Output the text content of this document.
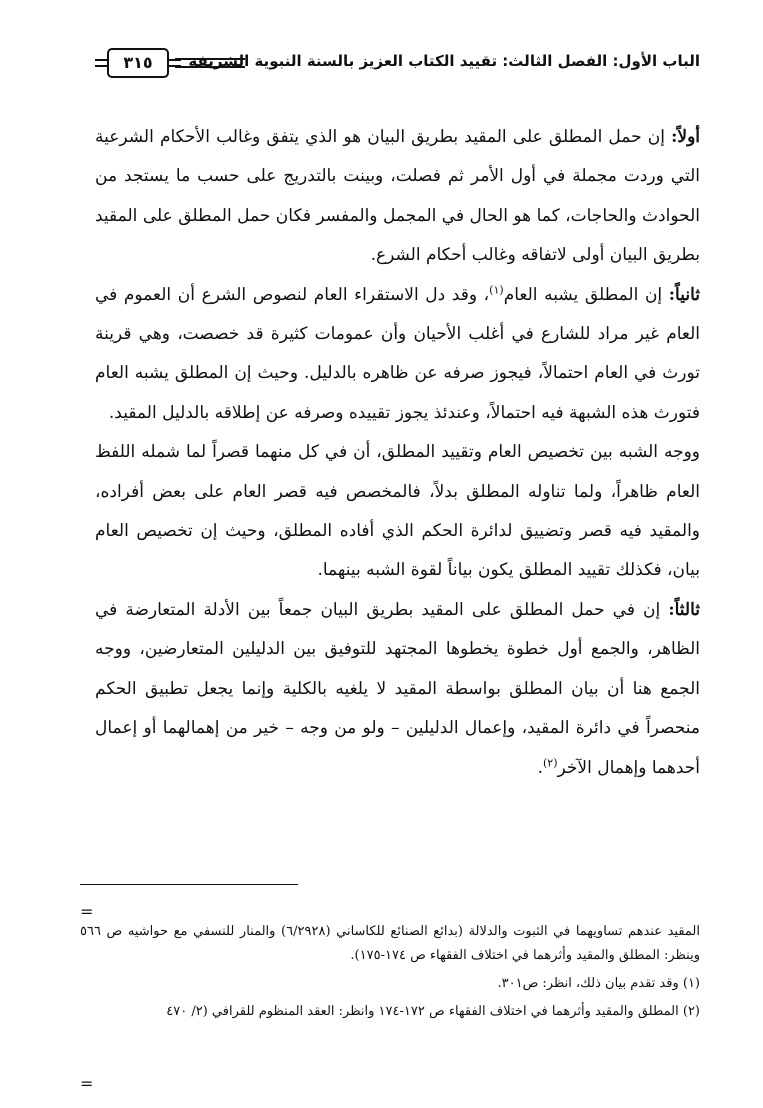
الباب الأول: الفصل الثالث: تقييد الكتاب العزيز بالسنة النبوية الشريفة
٣١٥

أولاً: إن حمل المطلق على المقيد بطريق البيان هو الذي يتفق وغالب الأحكام الشرعية التي وردت مجملة في أول الأمر ثم فصلت، وبينت بالتدريج على حسب ما يستجد من الحوادث والحاجات، كما هو الحال في المجمل والمفسر فكان حمل المطلق على المقيد بطريق البيان أولى لاتفاقه وغالب أحكام الشرع.

ثانياً: إن المطلق يشبه العام$^{(١)}$، وقد دل الاستقراء العام لنصوص الشرع أن العموم في العام غير مراد للشارع في أغلب الأحيان وأن عمومات كثيرة قد خصصت، وهي قرينة تورث في العام احتمالاً، فيجوز صرفه عن ظاهره بالدليل. وحيث إن المطلق يشبه العام فتورث هذه الشبهة فيه احتمالاً، وعندئذ يجوز تقييده وصرفه عن إطلاقه بالدليل المقيد.

ووجه الشبه بين تخصيص العام وتقييد المطلق، أن في كل منهما قصراً لما شمله اللفظ العام ظاهراً، ولما تناوله المطلق بدلاً، فالمخصص فيه قصر العام على بعض أفراده، والمقيد فيه قصر وتضييق لدائرة الحكم الذي أفاده المطلق، وحيث إن تخصيص العام بيان، فكذلك تقييد المطلق يكون بياناً لقوة الشبه بينهما.

ثالثاً: إن في حمل المطلق على المقيد بطريق البيان جمعاً بين الأدلة المتعارضة في الظاهر، والجمع أول خطوة يخطوها المجتهد للتوفيق بين الدليلين المتعارضين، ووجه الجمع هنا أن بيان المطلق بواسطة المقيد لا يلغيه بالكلية وإنما يجعل تطبيق الحكم منحصراً في دائرة المقيد، وإعمال الدليلين – ولو من وجه – خير من إهمالهما أو إعمال أحدهما وإهمال الآخر$^{(٢)}$.

=

المقيد عندهم تساويهما في الثبوت والدلالة (بدائع الصنائع للكاساني (٦/٢٩٢٨) والمنار للنسفي مع حواشيه ص ٥٦٦ وينظر: المطلق والمقيد وأثرهما في اختلاف الفقهاء ص ١٧٤-١٧٥).

(١) وقد تقدم بيان ذلك، انظر: ص٣٠١.

(٢) المطلق والمقيد وأثرهما في اختلاف الفقهاء ص ١٧٢-١٧٤ وانظر: العقد المنظوم للقرافي (٢/ ٤٧٠

=
